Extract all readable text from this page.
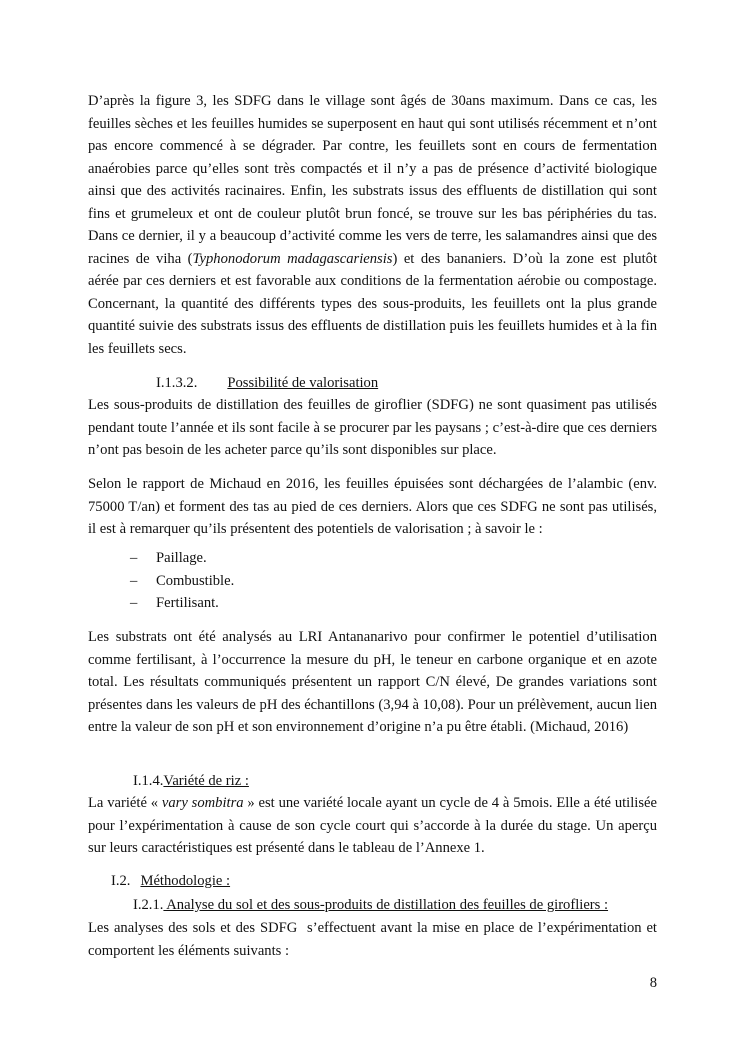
D’après la figure 3, les SDFG dans le village sont âgés de 30ans maximum. Dans ce cas, les feuilles sèches et les feuilles humides se superposent en haut qui sont utilisés récemment et n’ont pas encore commencé à se dégrader. Par contre, les feuillets sont en cours de fermentation anaérobies parce qu’elles sont très compactés et il n’y a pas de présence d’activité biologique ainsi que des activités racinaires. Enfin, les substrats issus des effluents de distillation qui sont fins et grumeleux et ont de couleur plutôt brun foncé, se trouve sur les bas périphéries du tas. Dans ce dernier, il y a beaucoup d’activité comme les vers de terre, les salamandres ainsi que des racines de viha (Typhonodorum madagascariensis) et des bananiers. D’où la zone est plutôt aérée par ces derniers et est favorable aux conditions de la fermentation aérobie ou compostage. Concernant, la quantité des différents types des sous-produits, les feuillets ont la plus grande quantité suivie des substrats issus des effluents de distillation puis les feuillets humides et à la fin les feuillets secs.
I.1.3.2. Possibilité de valorisation
Les sous-produits de distillation des feuilles de giroflier (SDFG) ne sont quasiment pas utilisés pendant toute l’année et ils sont facile à se procurer par les paysans ; c’est-à-dire que ces derniers n’ont pas besoin de les acheter parce qu’ils sont disponibles sur place.
Selon le rapport de Michaud en 2016, les feuilles épuisées sont déchargées de l’alambic (env. 75000 T/an) et forment des tas au pied de ces derniers. Alors que ces SDFG ne sont pas utilisés, il est à remarquer qu’ils présentent des potentiels de valorisation ; à savoir le :
– Paillage.
– Combustible.
– Fertilisant.
Les substrats ont été analysés au LRI Antananarivo pour confirmer le potentiel d’utilisation comme fertilisant, à l’occurrence la mesure du pH, le teneur en carbone organique et en azote total. Les résultats communiqués présentent un rapport C/N élevé, De grandes variations sont présentes dans les valeurs de pH des échantillons (3,94 à 10,08). Pour un prélèvement, aucun lien entre la valeur de son pH et son environnement d’origine n’a pu être établi. (Michaud, 2016)
I.1.4.Variété de riz :
La variété « vary sombitra » est une variété locale ayant un cycle de 4 à 5mois. Elle a été utilisée pour l’expérimentation à cause de son cycle court qui s’accorde à la durée du stage. Un aperçu sur leurs caractéristiques est présenté dans le tableau de l’Annexe 1.
I.2. Méthodologie :
I.2.1. Analyse du sol et des sous-produits de distillation des feuilles de girofliers :
Les analyses des sols et des SDFG  s’effectuent avant la mise en place de l’expérimentation et comportent les éléments suivants :
8
